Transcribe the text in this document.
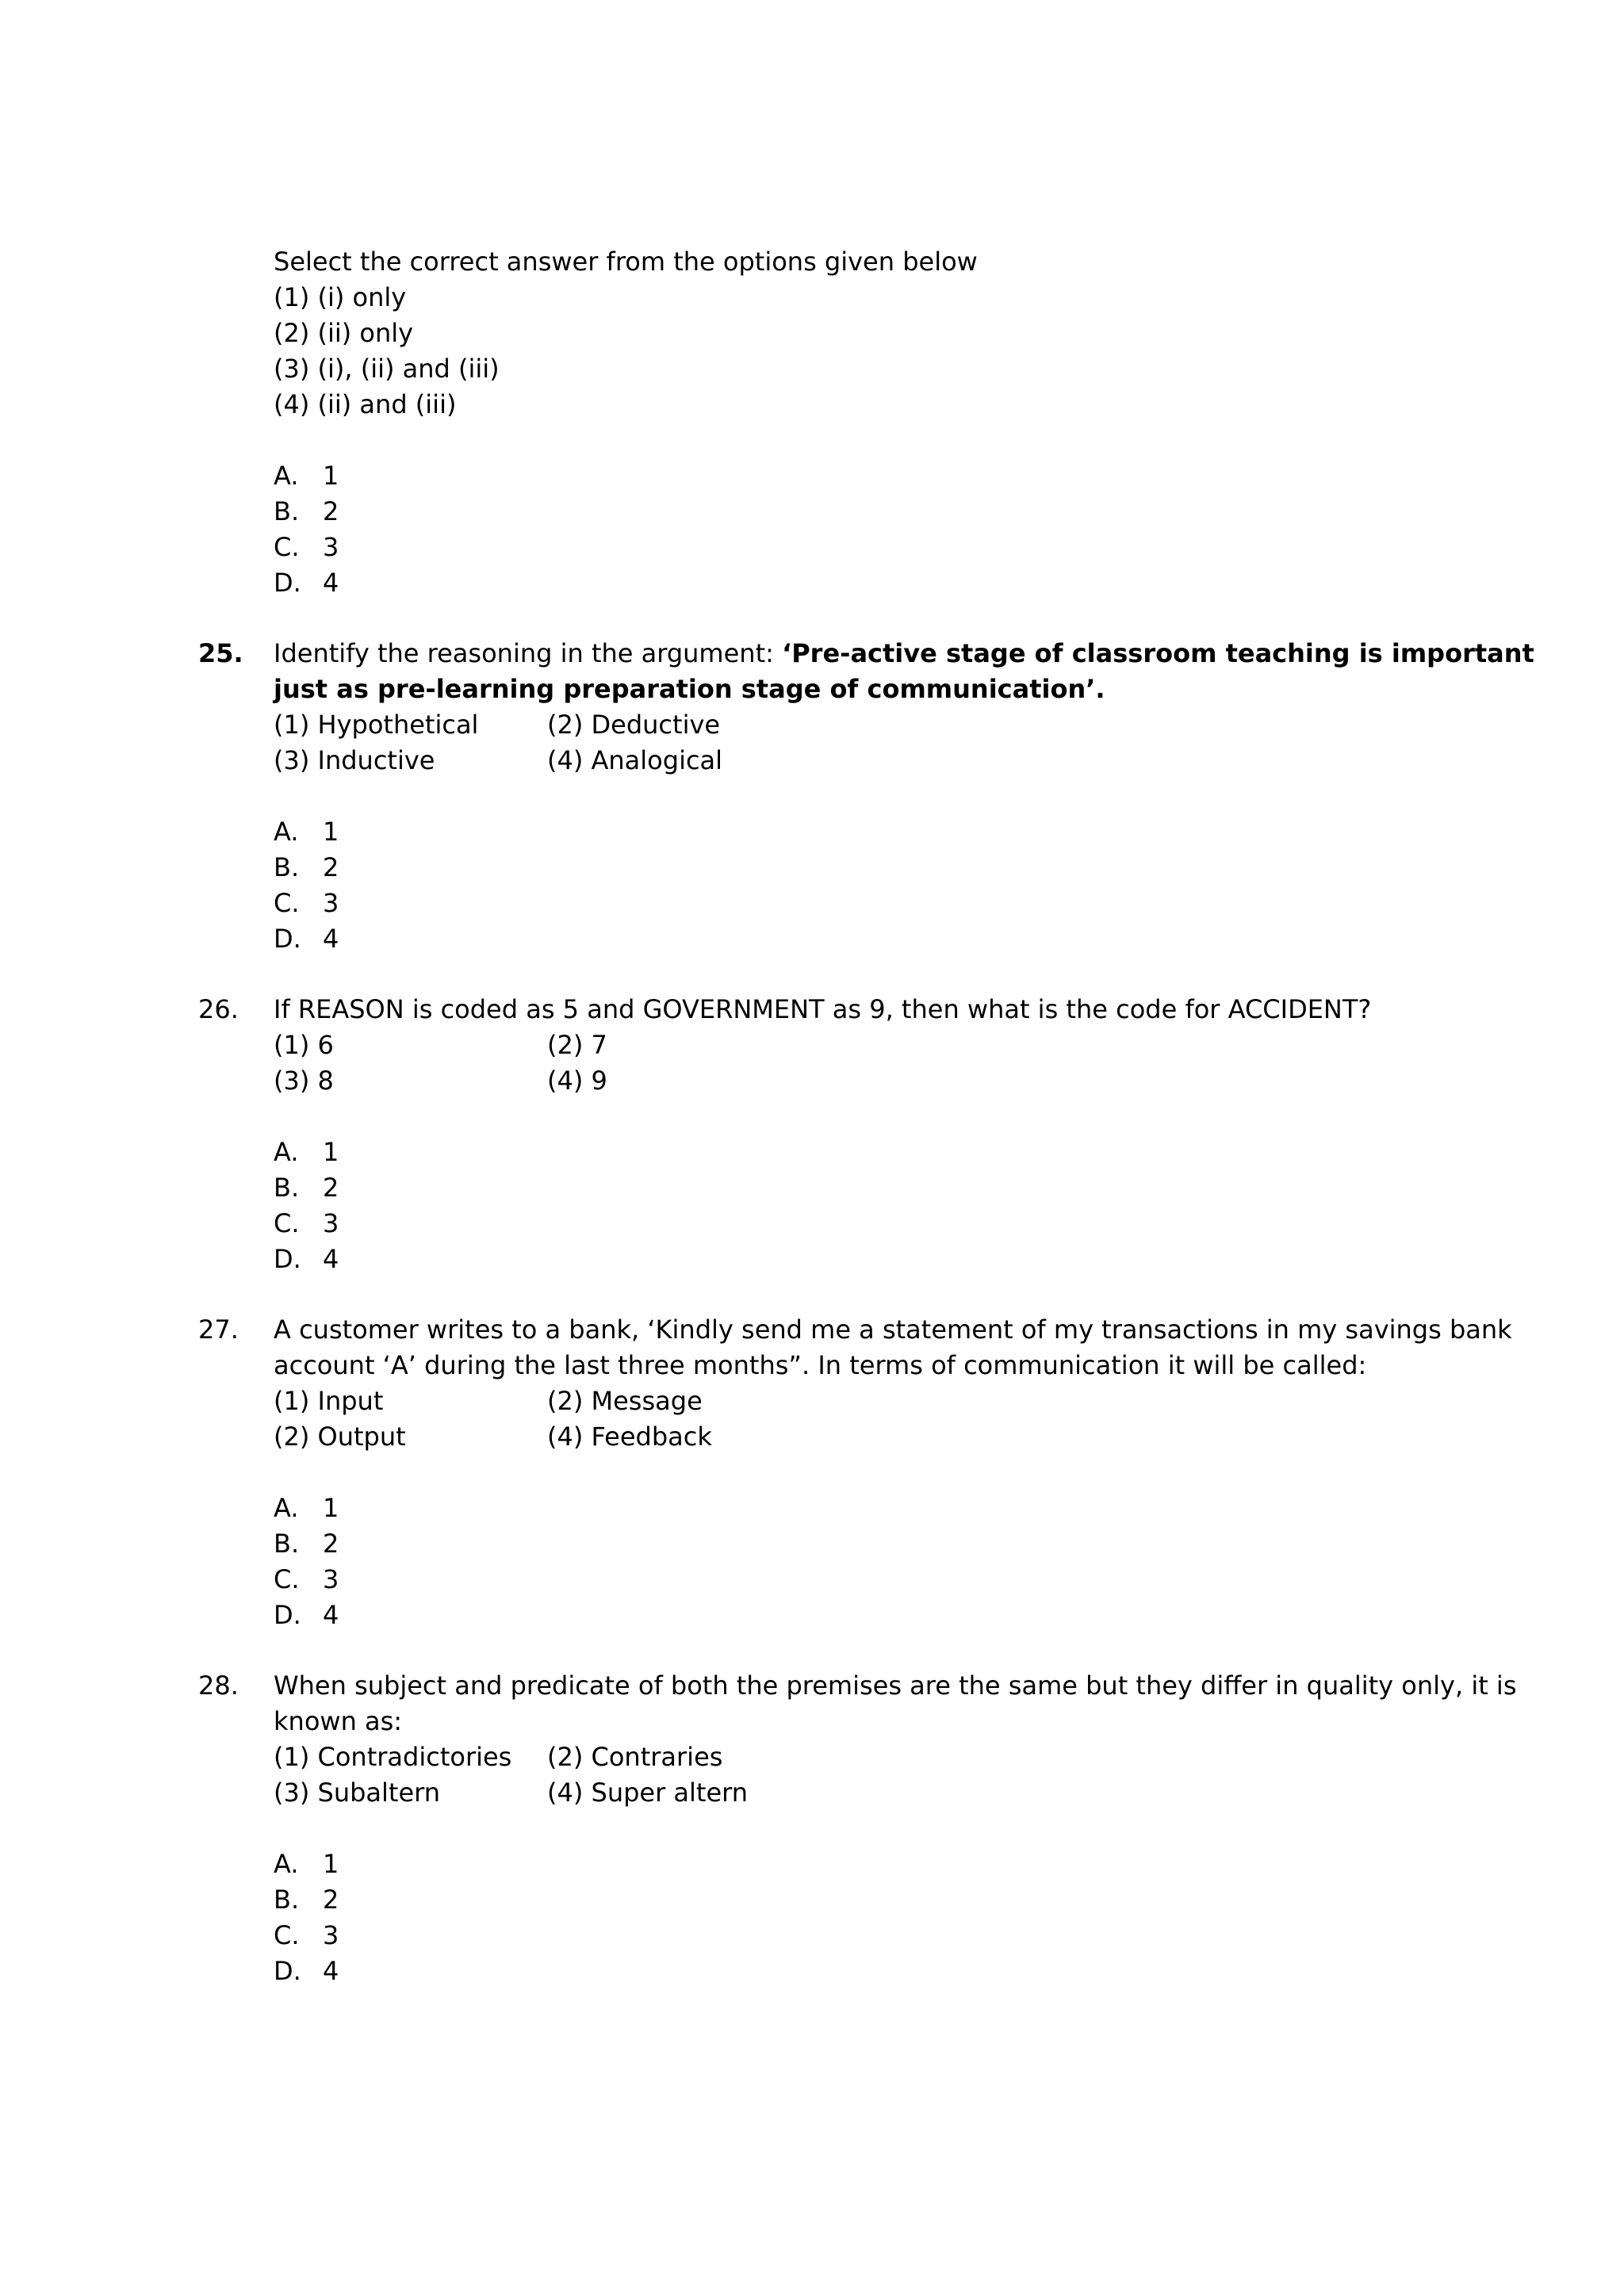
Select the correct answer from the options given below
(1) (i) only
(2) (ii) only
(3) (i), (ii) and (iii)
(4) (ii) and (iii)
A. 1
B. 2
C. 3
D. 4
25. Identify the reasoning in the argument: ‘Pre-active stage of classroom teaching is important
just as pre-learning preparation stage of communication’.
(1) Hypothetical	(2) Deductive
(3) Inductive	(4) Analogical
A. 1
B. 2
C. 3
D. 4
26. If REASON is coded as 5 and GOVERNMENT as 9, then what is the code for ACCIDENT?
(1) 6	(2) 7
(3) 8	(4) 9
A. 1
B. 2
C. 3
D. 4
27. A customer writes to a bank, ‘Kindly send me a statement of my transactions in my savings bank
account ‘A’ during the last three months”. In terms of communication it will be called:
(1) Input	(2) Message
(2) Output	(4) Feedback
A. 1
B. 2
C. 3
D. 4
28. When subject and predicate of both the premises are the same but they differ in quality only, it is
known as:
(1) Contradictories (2) Contraries
(3) Subaltern	(4) Super altern
A. 1
B. 2
C. 3
D. 4
